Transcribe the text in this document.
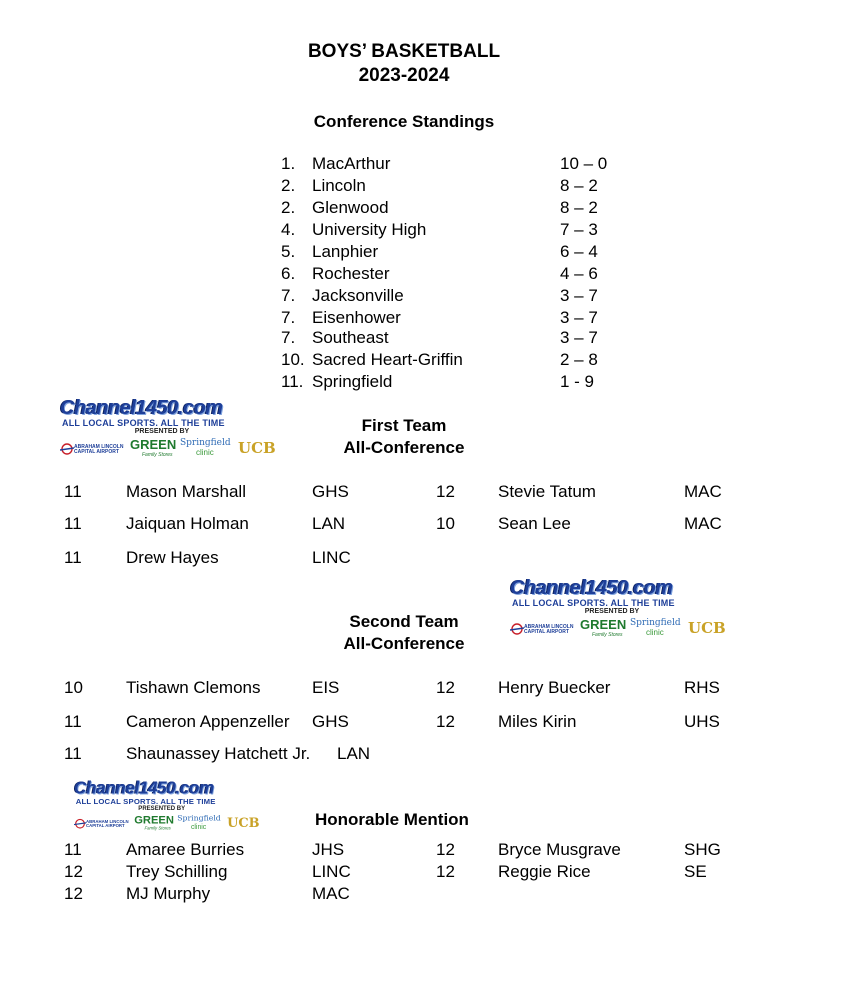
BOYS’ BASKETBALL
2023-2024
Conference Standings
1. MacArthur	10 – 0
2. Lincoln	8 – 2
2. Glenwood	8 – 2
4. University High	7 – 3
5. Lanphier	6 – 4
6. Rochester	4 – 6
7. Jacksonville	3 – 7
7. Eisenhower	3 – 7
7. Southeast	3 – 7
10. Sacred Heart-Griffin	2 – 8
11. Springfield	1 - 9
Channel1450.com
ALL LOCAL SPORTS. ALL THE TIME
PRESENTED BY
ABRAHAM LINCOLN CAPITAL AIRPORT GREEN
Family Stores
Springfield
clinic	UCB
Channel1450.com
ALL LOCAL SPORTS. ALL THE TIME
PRESENTED BY
ABRAHAM LINCOLN CAPITAL AIRPORT GREEN
Family Stores
Springfield
clinic	UCB
Channel1450.com
ALL LOCAL SPORTS. ALL THE TIME
PRESENTED BY
ABRAHAM LINCOLN CAPITAL AIRPORT GREEN
Family Stores
Springfield
clinic	UCB
First Team
All-Conference
11	Mason Marshall	GHS	12	Stevie Tatum	MAC
11	Jaiquan Holman	LAN	10	Sean Lee	MAC
11	Drew Hayes	LINC
Second Team
All-Conference
10	Tishawn Clemons	EIS	12	Henry Buecker	RHS
11	Cameron Appenzeller GHS	12	Miles Kirin	UHS
11	Shaunassey Hatchett Jr. LAN
Honorable Mention
11	Amaree Burries	JHS	12	Bryce Musgrave	SHG
12	Trey Schilling	LINC	12	Reggie Rice	SE
12	MJ Murphy	MAC
